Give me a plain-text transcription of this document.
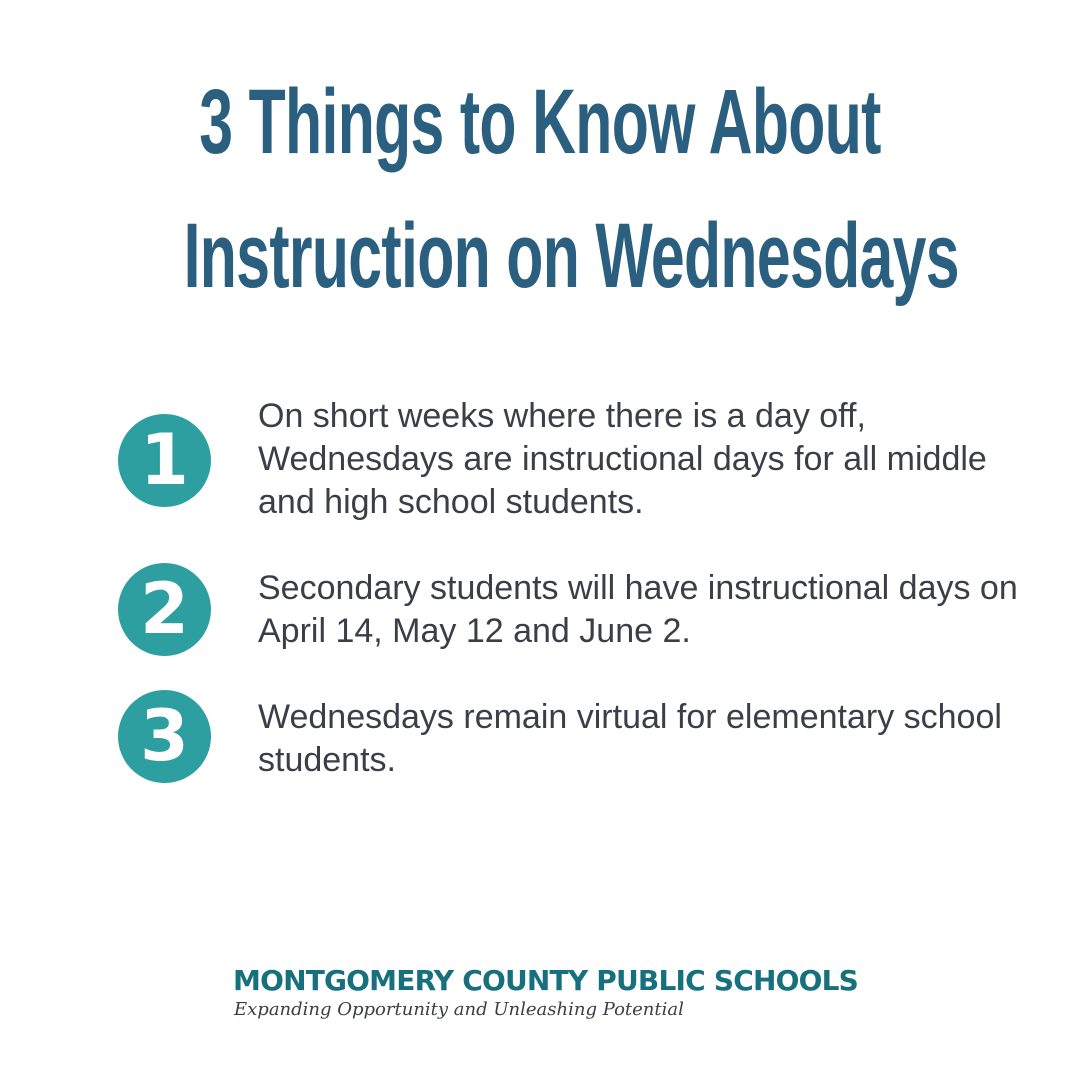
3 Things to Know About
Instruction on Wednesdays
1

On short weeks where there is a day off, Wednesdays are instructional days for all middle and high school students.

2	Secondary students will have instructional days on April 14, May 12 and June 2.

3	Wednesdays remain virtual for elementary school students.

MONTGOMERY COUNTY PUBLIC SCHOOLS

Expanding Opportunity and Unleashing Potential
